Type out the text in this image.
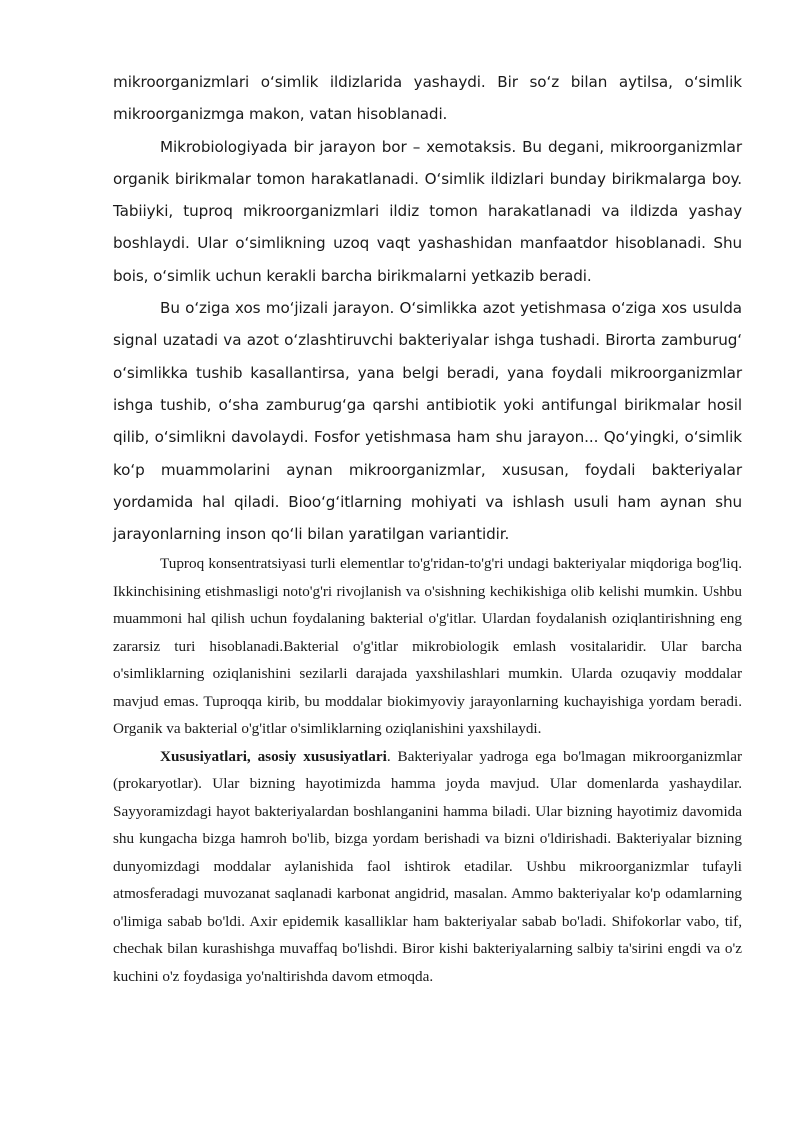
mikroorganizmlari o‘simlik ildizlarida yashaydi. Bir so‘z bilan aytilsa, o‘simlik mikroorganizmga makon, vatan hisoblanadi.

Mikrobiologiyada bir jarayon bor – xemotaksis. Bu degani, mikroorganizmlar organik birikmalar tomon harakatlanadi. O‘simlik ildizlari bunday birikmalarga boy. Tabiiyki, tuproq mikroorganizmlari ildiz tomon harakatlanadi va ildizda yashay boshlaydi. Ular o‘simlikning uzoq vaqt yashashidan manfaatdor hisoblanadi. Shu bois, o‘simlik uchun kerakli barcha birikmalarni yetkazib beradi.

Bu o‘ziga xos mo‘jizali jarayon. O‘simlikka azot yetishmasa o‘ziga xos usulda signal uzatadi va azot o‘zlashtiruvchi bakteriyalar ishga tushadi. Birorta zamburug‘ o‘simlikka tushib kasallantirsa, yana belgi beradi, yana foydali mikroorganizmlar ishga tushib, o‘sha zamburug‘ga qarshi antibiotik yoki antifungal birikmalar hosil qilib, o‘simlikni davolaydi. Fosfor yetishmasa ham shu jarayon... Qo‘yingki, o‘simlik ko‘p muammolarini aynan mikroorganizmlar, xususan, foydali bakteriyalar yordamida hal qiladi. Bioo‘g‘itlarning mohiyati va ishlash usuli ham aynan shu jarayonlarning inson qo‘li bilan yaratilgan variantidir.

Tuproq konsentratsiyasi turli elementlar to'g'ridan-to'g'ri undagi bakteriyalar miqdoriga bog'liq. Ikkinchisining etishmasligi noto'g'ri rivojlanish va o'sishning kechikishiga olib kelishi mumkin. Ushbu muammoni hal qilish uchun foydalaning bakterial o'g'itlar. Ulardan foydalanish oziqlantirishning eng zararsiz turi hisoblanadi.Bakterial o'g'itlar mikrobiologik emlash vositalaridir. Ular barcha o'simliklarning oziqlanishini sezilarli darajada yaxshilashlari mumkin. Ularda ozuqaviy moddalar mavjud emas. Tuproqqa kirib, bu moddalar biokimyoviy jarayonlarning kuchayishiga yordam beradi. Organik va bakterial o'g'itlar o'simliklarning oziqlanishini yaxshilaydi.

Xususiyatlari, asosiy xususiyatlari. Bakteriyalar yadroga ega bo'lmagan mikroorganizmlar (prokaryotlar). Ular bizning hayotimizda hamma joyda mavjud. Ular domenlarda yashaydilar. Sayyoramizdagi hayot bakteriyalardan boshlanganini hamma biladi. Ular bizning hayotimiz davomida shu kungacha bizga hamroh bo'lib, bizga yordam berishadi va bizni o'ldirishadi. Bakteriyalar bizning dunyomizdagi moddalar aylanishida faol ishtirok etadilar. Ushbu mikroorganizmlar tufayli atmosferadagi muvozanat saqlanadi karbonat angidrid, masalan. Ammo bakteriyalar ko'p odamlarning o'limiga sabab bo'ldi. Axir epidemik kasalliklar ham bakteriyalar sabab bo'ladi. Shifokorlar vabo, tif, chechak bilan kurashishga muvaffaq bo'lishdi. Biror kishi bakteriyalarning salbiy ta'sirini engdi va o'z kuchini o'z foydasiga yo'naltirishda davom etmoqda.
